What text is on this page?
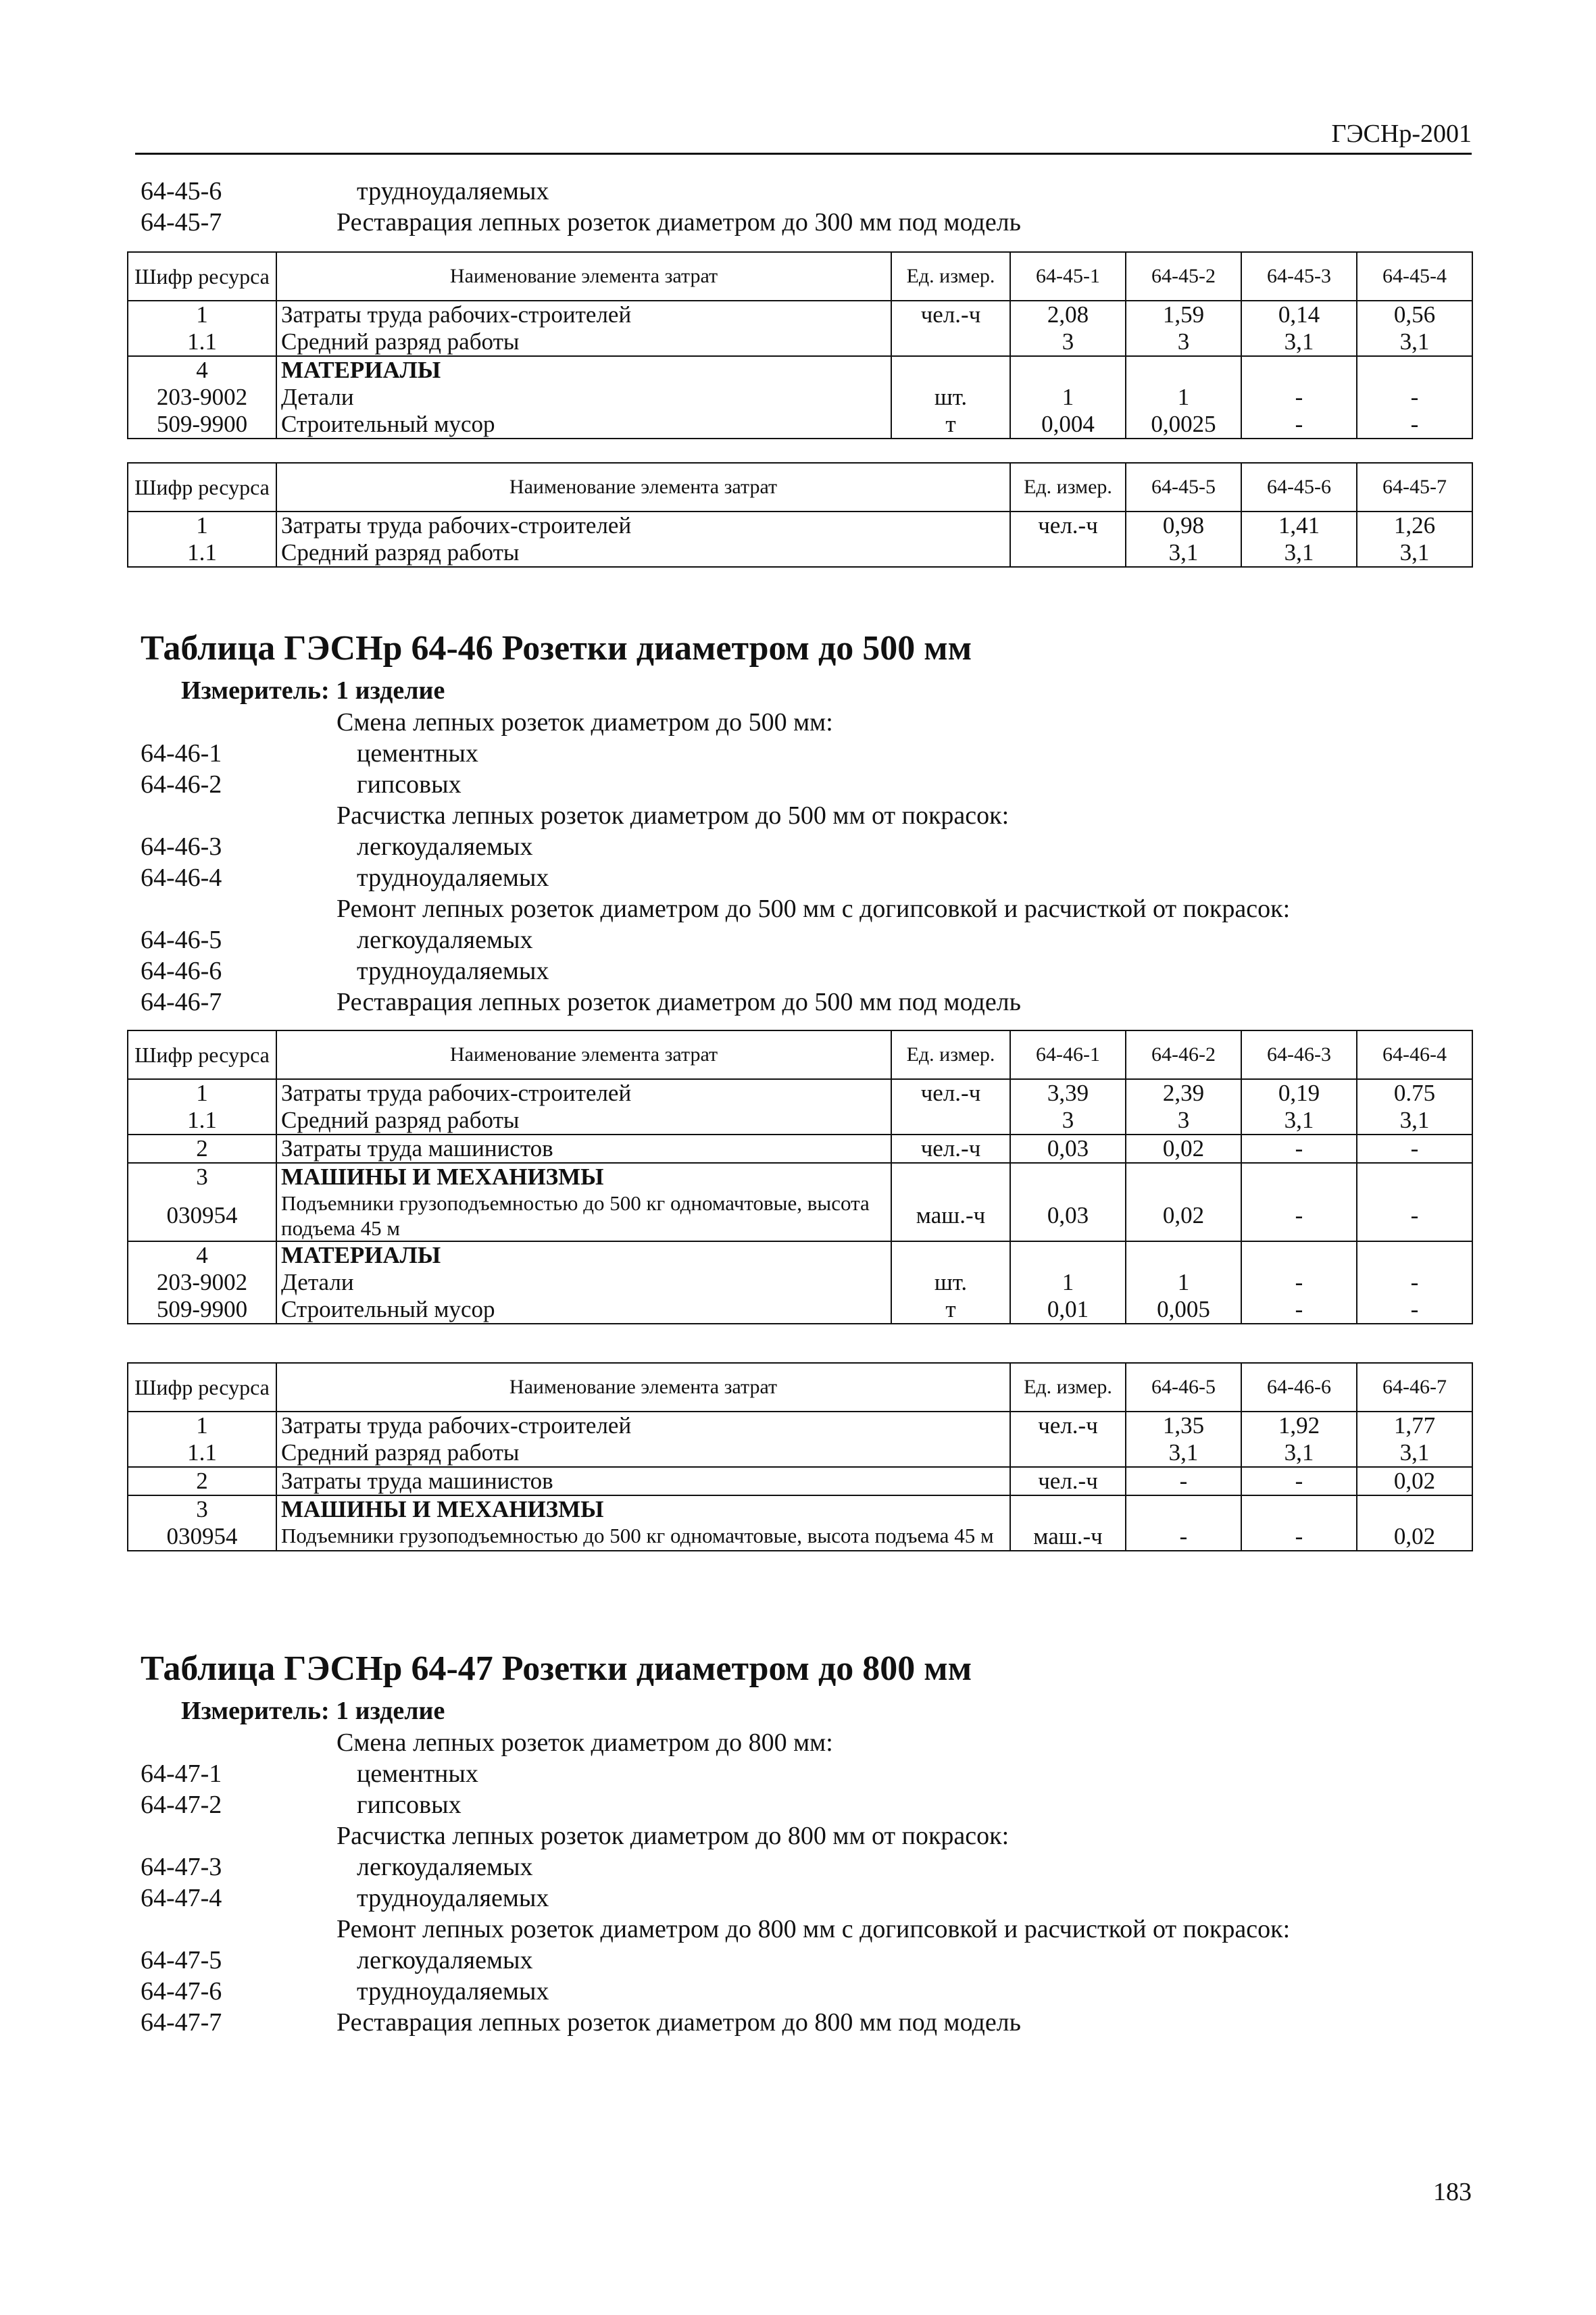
ГЭСНр-2001
64-45-6	трудноудаляемых
64-45-7	Реставрация лепных розеток диаметром до 300 мм под модель
Шифр ресурса	Наименование элемента затрат	Ед. измер.	64-45-1	64-45-2	64-45-3	64-45-4
1	Затраты труда рабочих-строителей	чел.-ч	2,08	1,59	0,14	0,56
1.1	Средний разряд работы		3	3	3,1	3,1
4	МАТЕРИАЛЫ					
203-9002	Детали	шт.	1	1	-	-
509-9900	Строительный мусор	т	0,004	0,0025	-	-
Шифр ресурса	Наименование элемента затрат	Ед. измер.	64-45-5	64-45-6	64-45-7
1	Затраты труда рабочих-строителей	чел.-ч	0,98	1,41	1,26
1.1	Средний разряд работы		3,1	3,1	3,1
Таблица ГЭСНр 64-46 Розетки диаметром до 500 мм
Измеритель: 1 изделие
Смена лепных розеток диаметром до 500 мм:
64-46-1	цементных
64-46-2	гипсовых
Расчистка лепных розеток диаметром до 500 мм от покрасок:
64-46-3	легкоудаляемых
64-46-4	трудноудаляемых
Ремонт лепных розеток диаметром до 500 мм с догипсовкой и расчисткой от покрасок:
64-46-5	легкоудаляемых
64-46-6	трудноудаляемых
64-46-7	Реставрация лепных розеток диаметром до 500 мм под модель
Шифр ресурса	Наименование элемента затрат	Ед. измер.	64-46-1	64-46-2	64-46-3	64-46-4
1	Затраты труда рабочих-строителей	чел.-ч	3,39	2,39	0,19	0.75
1.1	Средний разряд работы		3	3	3,1	3,1
2	Затраты труда машинистов	чел.-ч	0,03	0,02	-	-
3	МАШИНЫ И МЕХАНИЗМЫ					
030954	Подъемники грузоподъемностью до 500 кг одномачтовые, высота подъема 45 м	маш.-ч	0,03	0,02	-	-
4	МАТЕРИАЛЫ					
203-9002	Детали	шт.	1	1	-	-
509-9900	Строительный мусор	т	0,01	0,005	-	-
Шифр ресурса	Наименование элемента затрат	Ед. измер.	64-46-5	64-46-6	64-46-7
1	Затраты труда рабочих-строителей	чел.-ч	1,35	1,92	1,77
1.1	Средний разряд работы		3,1	3,1	3,1
2	Затраты труда машинистов	чел.-ч	-	-	0,02
3	МАШИНЫ И МЕХАНИЗМЫ				
030954	Подъемники грузоподъемностью до 500 кг одномачтовые, высота подъема 45 м	маш.-ч	-	-	0,02
Таблица ГЭСНр 64-47 Розетки диаметром до 800 мм
Измеритель: 1 изделие
Смена лепных розеток диаметром до 800 мм:
64-47-1	цементных
64-47-2	гипсовых
Расчистка лепных розеток диаметром до 800 мм от покрасок:
64-47-3	легкоудаляемых
64-47-4	трудноудаляемых
Ремонт лепных розеток диаметром до 800 мм с догипсовкой и расчисткой от покрасок:
64-47-5	легкоудаляемых
64-47-6	трудноудаляемых
64-47-7	Реставрация лепных розеток диаметром до 800 мм под модель
183
